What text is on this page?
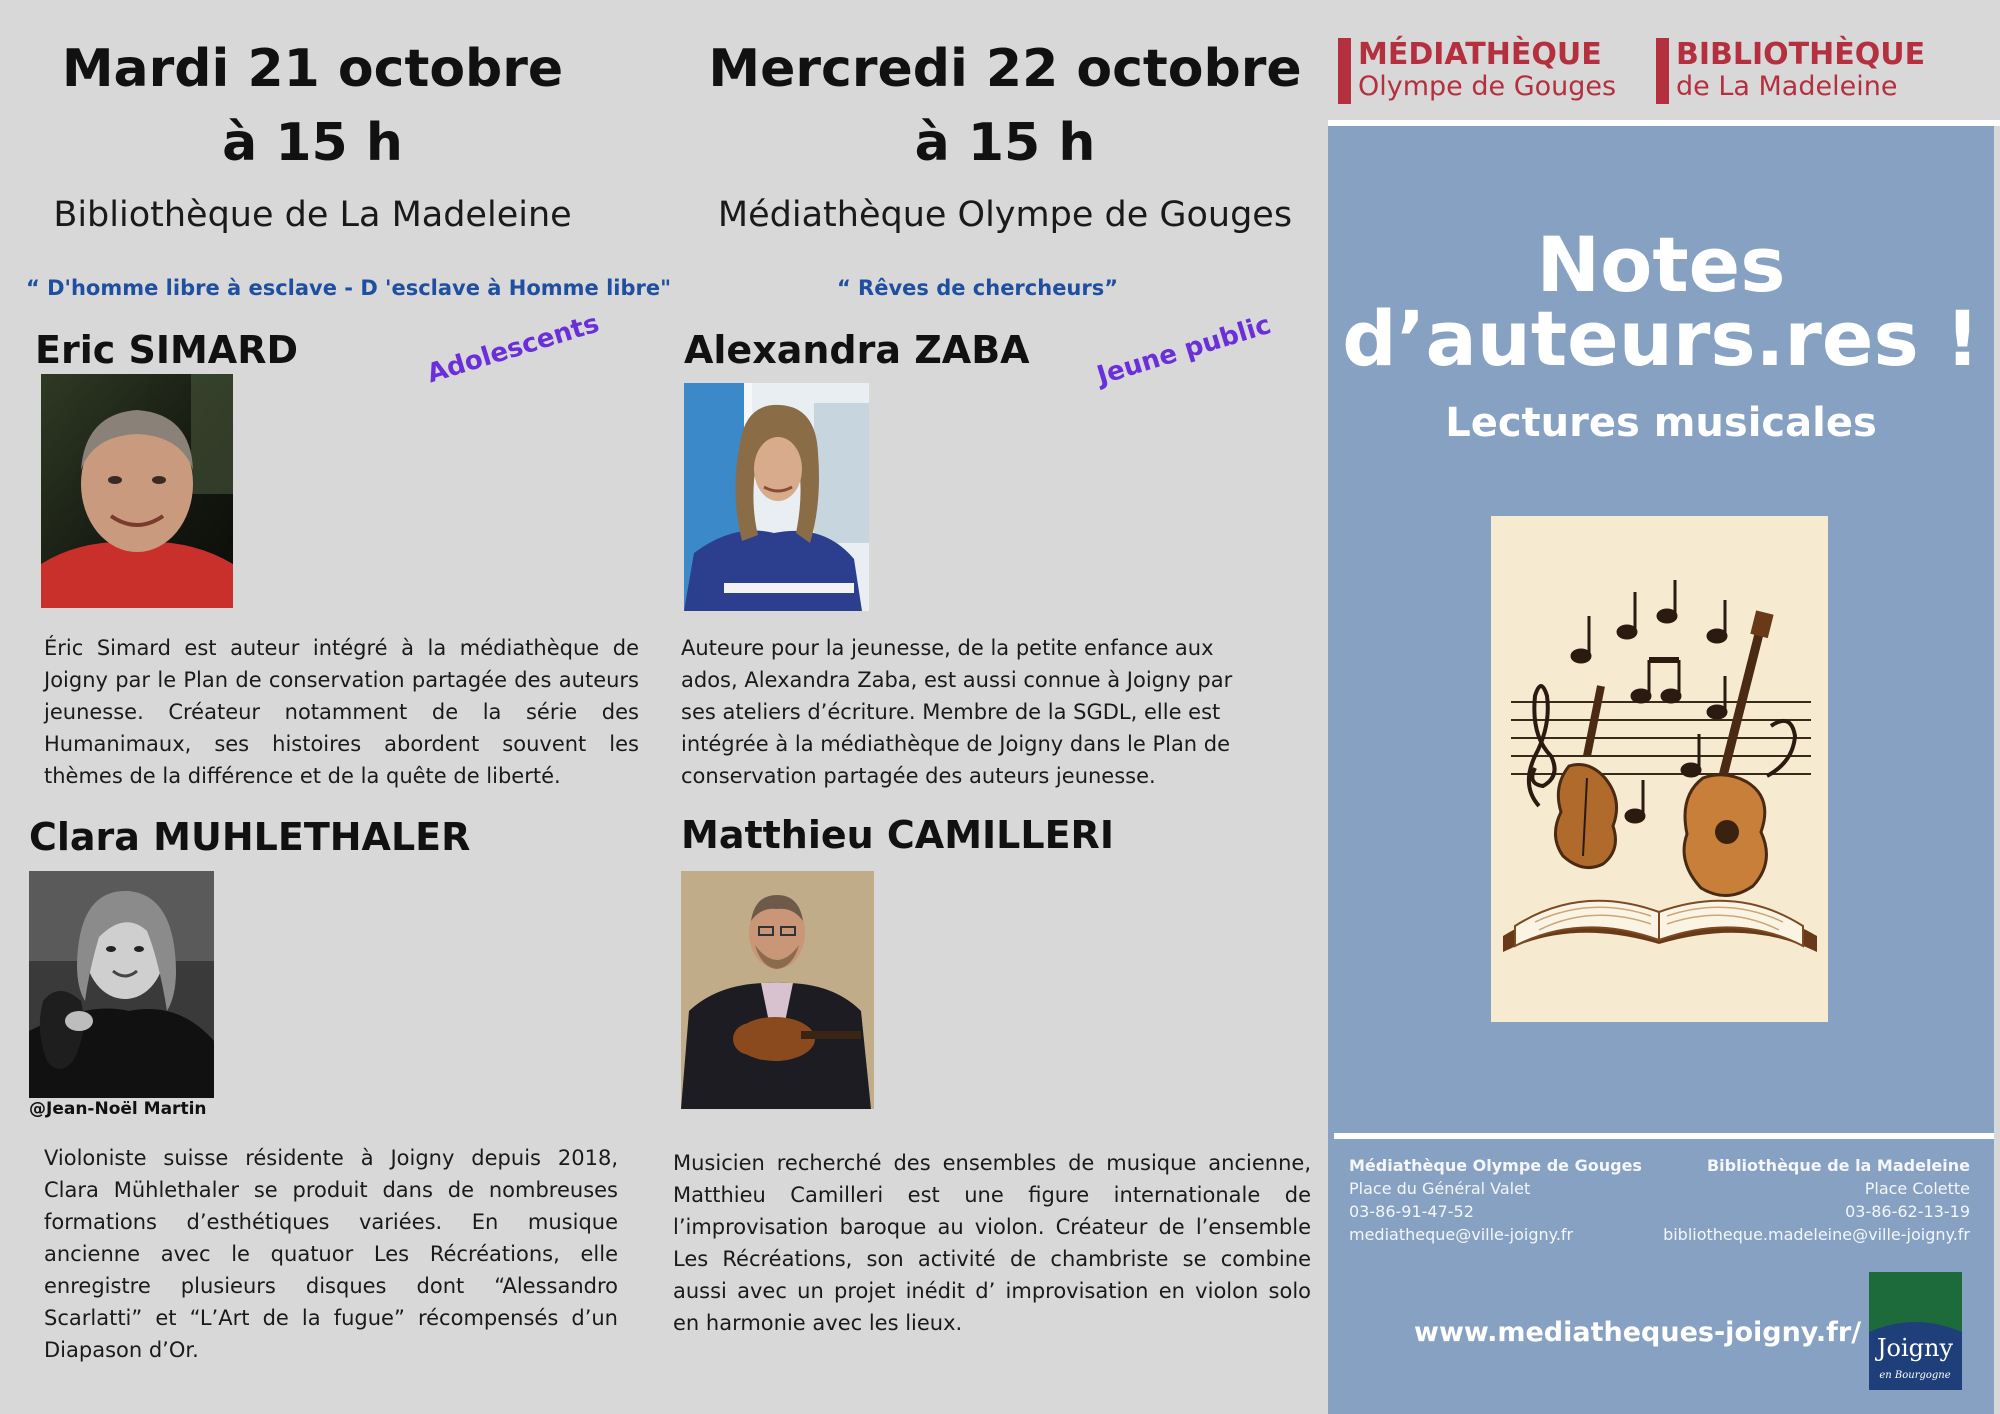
Mardi 21 octobre
à 15 h
Bibliothèque de La Madeleine
“ D'homme libre à esclave - D 'esclave à Homme libre"
Eric SIMARD	Adolescents
Éric Simard est auteur intégré à la médiathèque de Joigny par le Plan de conservation partagée des auteurs jeunesse. Créateur notamment de la série des Humanimaux, ses histoires abordent souvent les thèmes de la différence et de la quête de liberté.
Clara MUHLETHALER
@Jean-Noël Martin
Violoniste suisse résidente à Joigny depuis 2018, Clara Mühlethaler se produit dans de nombreuses formations d’esthétiques variées. En musique ancienne avec le quatuor Les Récréations, elle enregistre plusieurs disques dont “Alessandro Scarlatti” et “L’Art de la fugue” récompensés d’un Diapason d’Or.
Mercredi 22 octobre
à 15 h
Médiathèque Olympe de Gouges
“ Rêves de chercheurs”
Alexandra ZABA Jeune public
Auteure pour la jeunesse, de la petite enfance aux
ados, Alexandra Zaba, est aussi connue à Joigny par
ses ateliers d’écriture. Membre de la SGDL, elle est
intégrée à la médiathèque de Joigny dans le Plan de
conservation partagée des auteurs jeunesse.
Matthieu CAMILLERI
Musicien recherché des ensembles de musique ancienne, Matthieu Camilleri est une figure internationale de l’improvisation baroque au violon. Créateur de l’ensemble Les Récréations, son activité de chambriste se combine aussi avec un projet inédit d’ improvisation en violon solo en harmonie avec les lieux.
MÉDIATHÈQUE
Olympe de Gouges
BIBLIOTHÈQUE
de La Madeleine
Notes
d’auteurs.res !
Lectures musicales
Médiathèque Olympe de Gouges
Place du Général Valet
03-86-91-47-52
mediatheque@ville-joigny.fr
Bibliothèque de la Madeleine
Place Colette
03-86-62-13-19
bibliotheque.madeleine@ville-joigny.fr
www.mediatheques-joigny.fr/ Joigny
en Bourgogne
